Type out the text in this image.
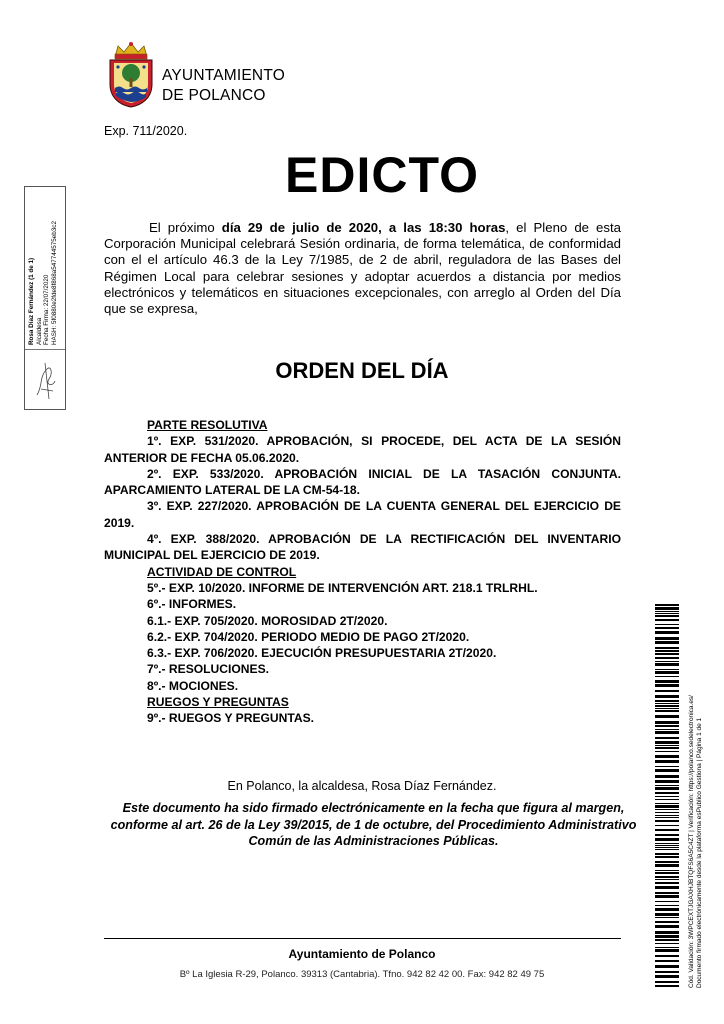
AYUNTAMIENTO
DE POLANCO
Rosa Díaz Fernández (1 de 1) Alcaldesa Fecha Firma: 22/07/2020 HASH: 5f0880e2fde8f868a547744575eb3c2
Exp. 711/2020.
EDICTO
El próximo día 29 de julio de 2020, a las 18:30 horas, el Pleno de esta Corporación Municipal celebrará Sesión ordinaria, de forma telemática, de conformidad con el el artículo 46.3 de la Ley 7/1985, de 2 de abril, reguladora de las Bases del Régimen Local para celebrar sesiones y adoptar acuerdos a distancia por medios electrónicos y telemáticos en situaciones excepcionales, con arreglo al Orden del Día que se expresa,
ORDEN DEL DÍA
PARTE RESOLUTIVA
1º. EXP. 531/2020. APROBACIÓN, SI PROCEDE, DEL ACTA DE LA SESIÓN ANTERIOR DE FECHA 05.06.2020.
2º. EXP. 533/2020. APROBACIÓN INICIAL DE LA TASACIÓN CONJUNTA. APARCAMIENTO LATERAL DE LA CM-54-18.
3º. EXP. 227/2020. APROBACIÓN DE LA CUENTA GENERAL DEL EJERCICIO DE 2019.
4º. EXP. 388/2020. APROBACIÓN DE LA RECTIFICACIÓN DEL INVENTARIO MUNICIPAL DEL EJERCICIO DE 2019.
ACTIVIDAD DE CONTROL
5º.- EXP. 10/2020. INFORME DE INTERVENCIÓN ART. 218.1 TRLRHL.
6º.- INFORMES.
6.1.- EXP. 705/2020. MOROSIDAD 2T/2020.
6.2.- EXP. 704/2020. PERIODO MEDIO DE PAGO 2T/2020.
6.3.- EXP. 706/2020. EJECUCIÓN PRESUPUESTARIA 2T/2020.
7º.- RESOLUCIONES.
8º.- MOCIONES.
RUEGOS Y PREGUNTAS
9º.- RUEGOS Y PREGUNTAS.
En Polanco, la alcaldesa, Rosa Díaz Fernández.
Este documento ha sido firmado electrónicamente en la fecha que figura al margen, conforme al art. 26 de la Ley 39/2015, de 1 de octubre, del Procedimiento Administrativo Común de las Administraciones Públicas.
Ayuntamiento de Polanco
Bº La Iglesia R-29, Polanco. 39313 (Cantabria). Tfno. 942 82 42 00. Fax: 942 82 49 75	Cód. Validación: 3WPCEXTJGAXHJBTQFS6A5C4ZT | Verificación: https://polanco.sedelectronica.es/ Documento firmado electrónicamente desde la plataforma esPublico Gestiona | Página 1 de 1
